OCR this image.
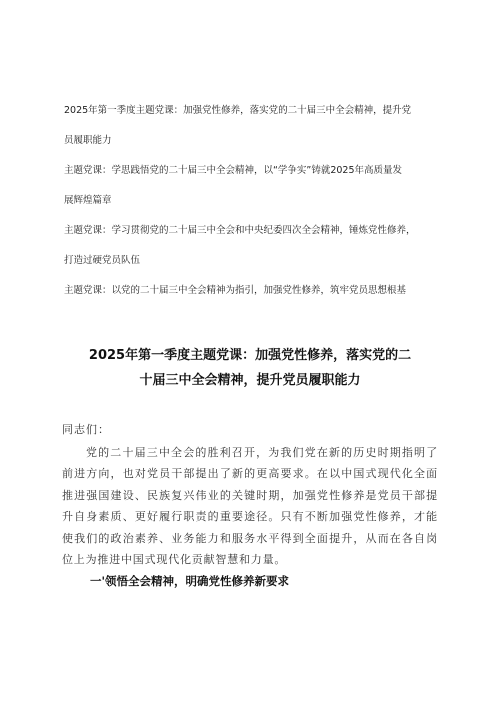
2025年第一季度主题党课：加强党性修养，落实党的二十届三中全会精神，提升党
员履职能力
主题党课：学思践悟党的二十届三中全会精神，以“学争实”铸就2025年高质量发
展辉煌篇章
主题党课：学习贯彻党的二十届三中全会和中央纪委四次全会精神，锤炼党性修养，
打造过硬党员队伍
主题党课：以党的二十届三中全会精神为指引，加强党性修养，筑牢党员思想根基
2025年第一季度主题党课：加强党性修养，落实党的二
十届三中全会精神，提升党员履职能力
同志们：

党的二十届三中全会的胜利召开，为我们党在新的历史时期指明了前进方向，也对党员干部提出了新的更高要求。在以中国式现代化全面推进强国建设、民族复兴伟业的关键时期，加强党性修养是党员干部提升自身素质、更好履行职责的重要途径。只有不断加强党性修养，才能使我们的政治素养、业务能力和服务水平得到全面提升，从而在各自岗位上为推进中国式现代化贡献智慧和力量。

一'领悟全会精神，明确党性修养新要求
